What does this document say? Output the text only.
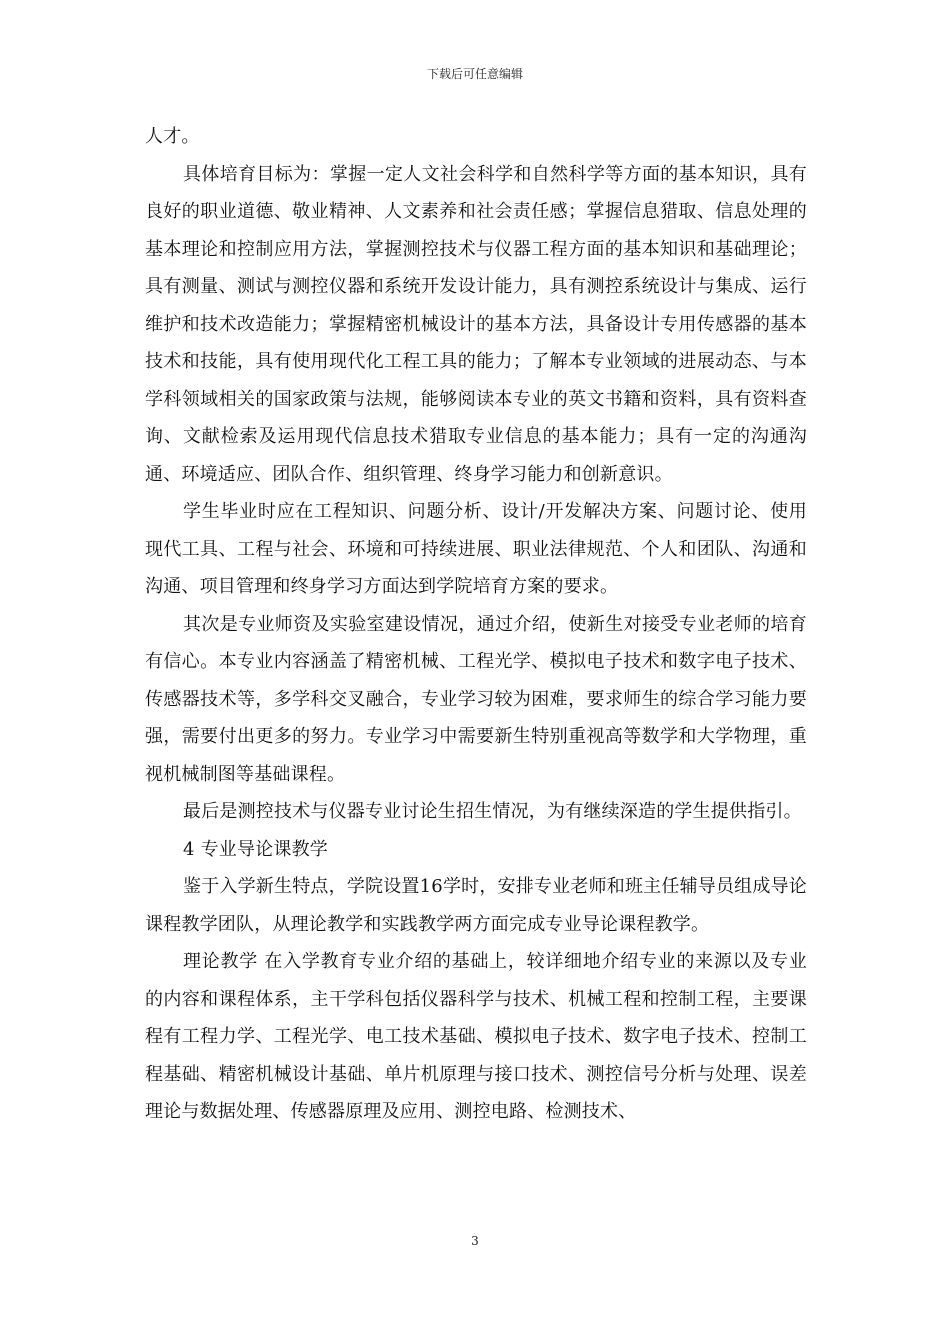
下载后可任意编辑

人才。

具体培育目标为：掌握一定人文社会科学和自然科学等方面的基本知识，具有良好的职业道德、敬业精神、人文素养和社会责任感；掌握信息猎取、信息处理的基本理论和控制应用方法，掌握测控技术与仪器工程方面的基本知识和基础理论；具有测量、测试与测控仪器和系统开发设计能力，具有测控系统设计与集成、运行维护和技术改造能力；掌握精密机械设计的基本方法，具备设计专用传感器的基本技术和技能，具有使用现代化工程工具的能力；了解本专业领域的进展动态、与本学科领域相关的国家政策与法规，能够阅读本专业的英文书籍和资料，具有资料查询、文献检索及运用现代信息技术猎取专业信息的基本能力；具有一定的沟通沟通、环境适应、团队合作、组织管理、终身学习能力和创新意识。

学生毕业时应在工程知识、问题分析、设计/开发解决方案、问题讨论、使用现代工具、工程与社会、环境和可持续进展、职业法律规范、个人和团队、沟通和沟通、项目管理和终身学习方面达到学院培育方案的要求。

其次是专业师资及实验室建设情况，通过介绍，使新生对接受专业老师的培育有信心。本专业内容涵盖了精密机械、工程光学、模拟电子技术和数字电子技术、传感器技术等，多学科交叉融合，专业学习较为困难，要求师生的综合学习能力要强，需要付出更多的努力。专业学习中需要新生特别重视高等数学和大学物理，重视机械制图等基础课程。

最后是测控技术与仪器专业讨论生招生情况，为有继续深造的学生提供指引。

4 专业导论课教学

鉴于入学新生特点，学院设置16学时，安排专业老师和班主任辅导员组成导论课程教学团队，从理论教学和实践教学两方面完成专业导论课程教学。

理论教学 在入学教育专业介绍的基础上，较详细地介绍专业的来源以及专业的内容和课程体系，主干学科包括仪器科学与技术、机械工程和控制工程，主要课程有工程力学、工程光学、电工技术基础、模拟电子技术、数字电子技术、控制工程基础、精密机械设计基础、单片机原理与接口技术、测控信号分析与处理、误差理论与数据处理、传感器原理及应用、测控电路、检测技术、

3
